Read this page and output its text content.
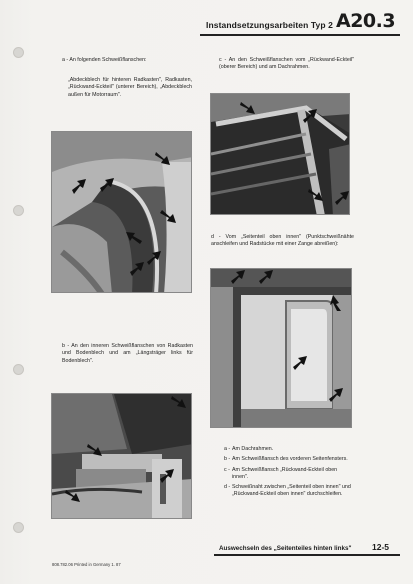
Instandsetzungsarbeiten Typ 2 A20.3
a - An folgenden Schweißflanschen:
„Abdeckblech für hinteren Radkasten", Radkasten, „Rückwand-Eckteil" (unterer Bereich), „Abdeckblech außen für Motorraum".
b - An den inneren Schweißflanschen von Radkasten und Bodenblech und am „Längsträger links für Bodenblech".
c - An den Schweißflanschen vom „Rückwand-Eckteil" (oberer Bereich) und am Dachrahmen.
d - Vom „Seitenteil oben innen" (Punktschweißnähte anschleifen und Radstücke mit einer Zange abreißen):
a - Am Dachrahmen.
b - Am Schweißflansch des vorderen Seitenfensters.
c - Am Schweißflansch „Rückwand-Eckteil oben innen".
d - Schweißnaht zwischen „Seitenteil oben innen" und „Rückwand-Eckteil oben innen" durchschleifen.
Auswechseln des „Seitenteiles hinten links" 12-5
808.782.06 Printed in Germany 1. 87
